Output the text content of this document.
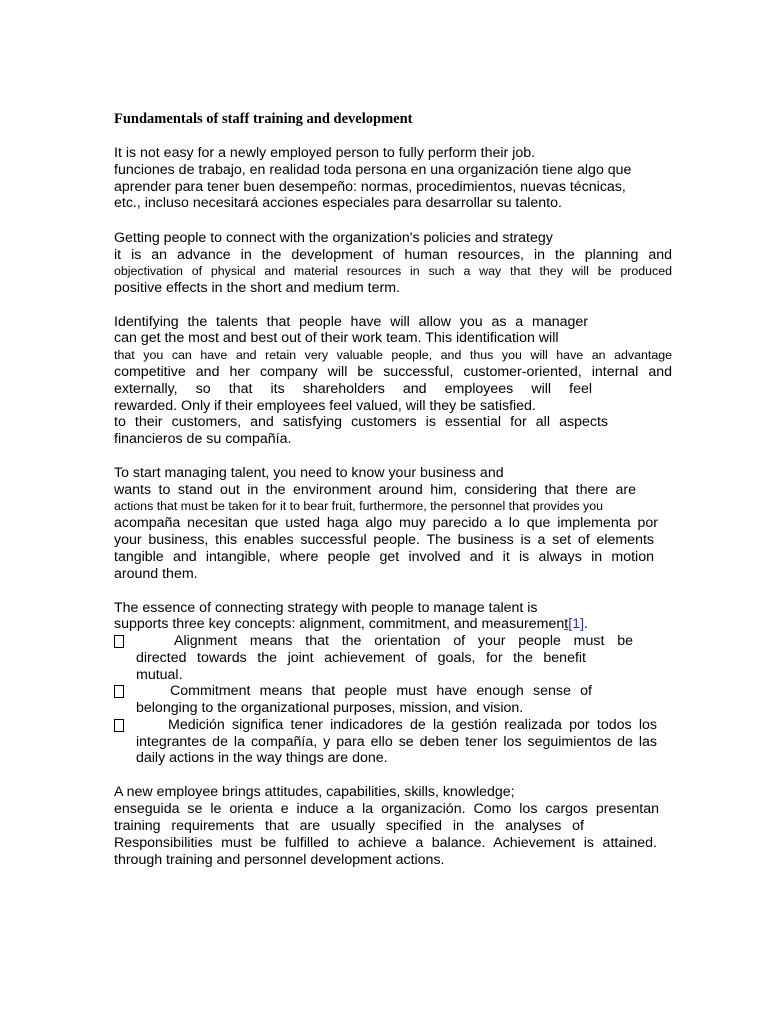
Fundamentals of staff training and development
It is not easy for a newly employed person to fully perform their job.
funciones de trabajo, en realidad toda persona en una organización tiene algo que
aprender para tener buen desempeño: normas, procedimientos, nuevas técnicas,
etc., incluso necesitará acciones especiales para desarrollar su talento.
Getting people to connect with the organization's policies and strategy
it is an advance in the development of human resources, in the planning and
objectivation of physical and material resources in such a way that they will be produced
positive effects in the short and medium term.
Identifying the talents that people have will allow you as a manager
can get the most and best out of their work team. This identification will
that you can have and retain very valuable people, and thus you will have an advantage
competitive and her company will be successful, customer-oriented, internal and
externally, so that its shareholders and employees will feel
rewarded. Only if their employees feel valued, will they be satisfied.
to their customers, and satisfying customers is essential for all aspects
financieros de su compañía.
To start managing talent, you need to know your business and
wants to stand out in the environment around him, considering that there are
actions that must be taken for it to bear fruit, furthermore, the personnel that provides you
acompaña necesitan que usted haga algo muy parecido a lo que implementa por
your business, this enables successful people. The business is a set of elements
tangible and intangible, where people get involved and it is always in motion
around them.
The essence of connecting strategy with people to manage talent is
supports three key concepts: alignment, commitment, and measurement[1].
Alignment means that the orientation of your people must be
directed towards the joint achievement of goals, for the benefit
mutual.
Commitment means that people must have enough sense of
belonging to the organizational purposes, mission, and vision.
Medición significa tener indicadores de la gestión realizada por todos los
integrantes de la compañía, y para ello se deben tener los seguimientos de las
daily actions in the way things are done.
A new employee brings attitudes, capabilities, skills, knowledge;
enseguida se le orienta e induce a la organización. Como los cargos presentan
training requirements that are usually specified in the analyses of
Responsibilities must be fulfilled to achieve a balance. Achievement is attained.
through training and personnel development actions.
